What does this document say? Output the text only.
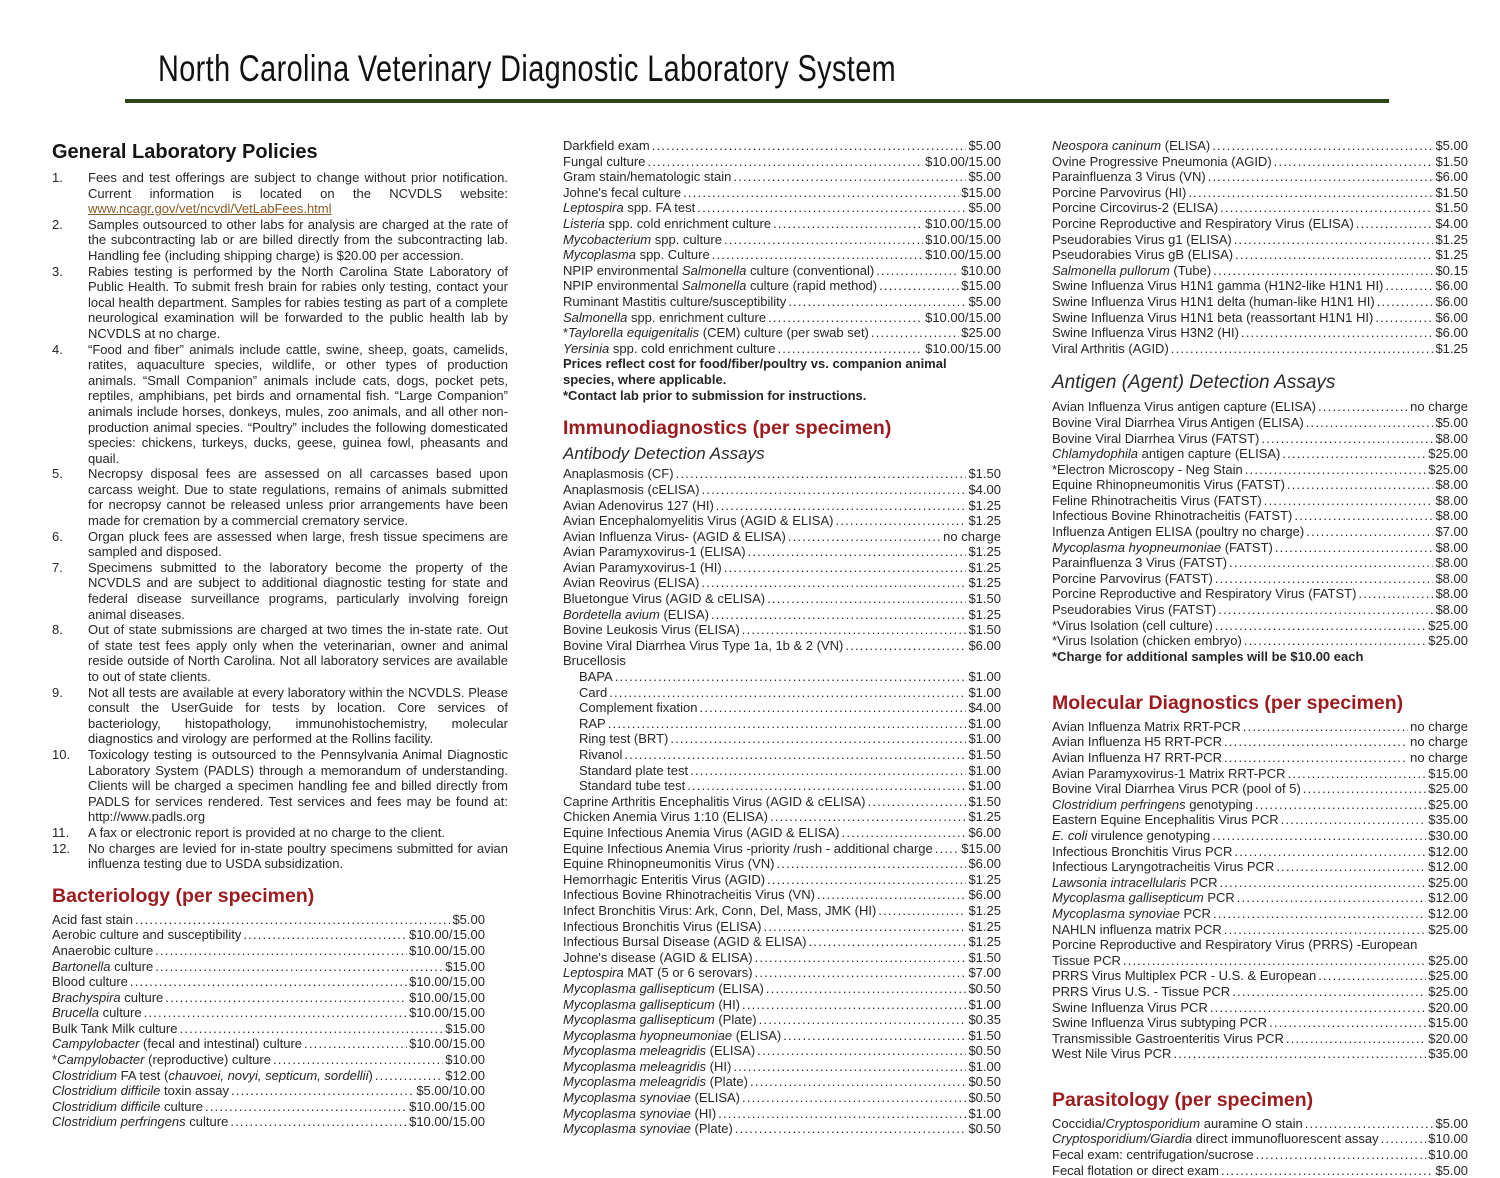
North Carolina Veterinary Diagnostic Laboratory System
General Laboratory Policies
1.	Fees and test offerings are subject to change without prior notification. Current information is located on the NCVDLS website: www.ncagr.gov/vet/ncvdl/VetLabFees.html
2.	Samples outsourced to other labs for analysis are charged at the rate of the subcontracting lab or are billed directly from the subcontracting lab. Handling fee (including shipping charge) is $20.00 per accession.
3.	Rabies testing is performed by the North Carolina State Laboratory of Public Health. To submit fresh brain for rabies only testing, contact your local health department. Samples for rabies testing as part of a complete neurological examination will be forwarded to the public health lab by NCVDLS at no charge.
4.	“Food and fiber” animals include cattle, swine, sheep, goats, camelids, ratites, aquaculture species, wildlife, or other types of production animals. “Small Companion” animals include cats, dogs, pocket pets, reptiles, amphibians, pet birds and ornamental fish. “Large Companion” animals include horses, donkeys, mules, zoo animals, and all other non-production animal species. “Poultry” includes the following domesticated species: chickens, turkeys, ducks, geese, guinea fowl, pheasants and quail.
5.	Necropsy disposal fees are assessed on all carcasses based upon carcass weight. Due to state regulations, remains of animals submitted for necropsy cannot be released unless prior arrangements have been made for cremation by a commercial crematory service.
6.	Organ pluck fees are assessed when large, fresh tissue specimens are sampled and disposed.
7.	Specimens submitted to the laboratory become the property of the NCVDLS and are subject to additional diagnostic testing for state and federal disease surveillance programs, particularly involving foreign animal diseases.
8.	Out of state submissions are charged at two times the in-state rate. Out of state test fees apply only when the veterinarian, owner and animal reside outside of North Carolina. Not all laboratory services are available to out of state clients.
9.	Not all tests are available at every laboratory within the NCVDLS. Please consult the UserGuide for tests by location. Core services of bacteriology, histopathology, immunohistochemistry, molecular diagnostics and virology are performed at the Rollins facility.
10.	Toxicology testing is outsourced to the Pennsylvania Animal Diagnostic Laboratory System (PADLS) through a memorandum of understanding. Clients will be charged a specimen handling fee and billed directly from PADLS for services rendered. Test services and fees may be found at: http://www.padls.org
11.	A fax or electronic report is provided at no charge to the client.
12.	No charges are levied for in-state poultry specimens submitted for avian influenza testing due to USDA subsidization.
Bacteriology (per specimen)
Acid fast stain .....	$5.00
Aerobic culture and susceptibility .....	$10.00/15.00
Anaerobic culture .....	$10.00/15.00
Bartonella culture .....	$15.00
Blood culture .....	$10.00/15.00
Brachyspira culture .....	$10.00/15.00
Brucella culture .....	$10.00/15.00
Bulk Tank Milk culture .....	$15.00
Campylobacter (fecal and intestinal) culture .....	$10.00/15.00
*Campylobacter (reproductive) culture .....	$10.00
Clostridium FA test (chauvoei, novyi, septicum, sordellii) .....	$12.00
Clostridium difficile toxin assay .....	$5.00/10.00
Clostridium difficile culture .....	$10.00/15.00
Clostridium perfringens culture .....	$10.00/15.00
Darkfield exam .....	$5.00
Fungal culture .....	$10.00/15.00
Gram stain/hematologic stain .....	$5.00
Johne's fecal culture .....	$15.00
Leptospira spp. FA test .....	$5.00
Listeria spp. cold enrichment culture .....	$10.00/15.00
Mycobacterium spp. culture .....	$10.00/15.00
Mycoplasma spp. Culture .....	$10.00/15.00
NPIP environmental Salmonella culture (conventional) .....	$10.00
NPIP environmental Salmonella culture (rapid method) .....	$15.00
Ruminant Mastitis culture/susceptibility .....	$5.00
Salmonella spp. enrichment culture .....	$10.00/15.00
*Taylorella equigenitalis (CEM) culture (per swab set) .....	$25.00
Yersinia spp. cold enrichment culture .....	$10.00/15.00
Prices reflect cost for food/fiber/poultry vs. companion animal species, where applicable.
*Contact lab prior to submission for instructions.
Immunodiagnostics (per specimen)
Antibody Detection Assays
Anaplasmosis (CF) .....	$1.50
Anaplasmosis (cELISA) .....	$4.00
Avian Adenovirus 127 (HI) .....	$1.25
Avian Encephalomyelitis Virus (AGID & ELISA) .....	$1.25
Avian Influenza Virus- (AGID & ELISA) .....	no charge
Avian Paramyxovirus-1 (ELISA) .....	$1.25
Avian Paramyxovirus-1 (HI) .....	$1.25
Avian Reovirus (ELISA) .....	$1.25
Bluetongue Virus (AGID & cELISA) .....	$1.50
Bordetella avium (ELISA) .....	$1.25
Bovine Leukosis Virus (ELISA) .....	$1.50
Bovine Viral Diarrhea Virus Type 1a, 1b & 2 (VN) .....	$6.00
Brucellosis
BAPA .....	$1.00
Card .....	$1.00
Complement fixation .....	$4.00
RAP .....	$1.00
Ring test (BRT) .....	$1.00
Rivanol .....	$1.50
Standard plate test .....	$1.00
Standard tube test .....	$1.00
Caprine Arthritis Encephalitis Virus (AGID & cELISA) .....	$1.50
Chicken Anemia Virus 1:10 (ELISA) .....	$1.25
Equine Infectious Anemia Virus (AGID & ELISA) .....	$6.00
Equine Infectious Anemia Virus -priority /rush - additional charge ..... $15.00
Equine Rhinopneumonitis Virus (VN) .....	$6.00
Hemorrhagic Enteritis Virus (AGID) .....	$1.25
Infectious Bovine Rhinotracheitis Virus (VN) .....	$6.00
Infect Bronchitis Virus: Ark, Conn, Del, Mass, JMK (HI) .....	$1.25
Infectious Bronchitis Virus (ELISA) .....	$1.25
Infectious Bursal Disease (AGID & ELISA) .....	$1.25
Johne's disease (AGID & ELISA) .....	$1.50
Leptospira MAT (5 or 6 serovars) .....	$7.00
Mycoplasma gallisepticum (ELISA) .....	$0.50
Mycoplasma gallisepticum (HI) .....	$1.00
Mycoplasma gallisepticum (Plate) .....	$0.35
Mycoplasma hyopneumoniae (ELISA) .....	$1.50
Mycoplasma meleagridis (ELISA) .....	$0.50
Mycoplasma meleagridis (HI) .....	$1.00
Mycoplasma meleagridis (Plate) .....	$0.50
Mycoplasma synoviae (ELISA) .....	$0.50
Mycoplasma synoviae (HI) .....	$1.00
Mycoplasma synoviae (Plate) .....	$0.50
Neospora caninum (ELISA) .....	$5.00
Ovine Progressive Pneumonia (AGID) .....	$1.50
Parainfluenza 3 Virus (VN) .....	$6.00
Porcine Parvovirus (HI) .....	$1.50
Porcine Circovirus-2 (ELISA) .....	$1.50
Porcine Reproductive and Respiratory Virus (ELISA) .....	$4.00
Pseudorabies Virus g1 (ELISA) .....	$1.25
Pseudorabies Virus gB (ELISA) .....	$1.25
Salmonella pullorum (Tube) .....	$0.15
Swine Influenza Virus H1N1 gamma (H1N2-like H1N1 HI) .....	$6.00
Swine Influenza Virus H1N1 delta (human-like H1N1 HI) .....	$6.00
Swine Influenza Virus H1N1 beta (reassortant H1N1 HI) .....	$6.00
Swine Influenza Virus H3N2 (HI) .....	$6.00
Viral Arthritis (AGID) .....	$1.25
Antigen (Agent) Detection Assays
Avian Influenza Virus antigen capture (ELISA) .....	no charge
Bovine Viral Diarrhea Virus Antigen (ELISA) .....	$5.00
Bovine Viral Diarrhea Virus (FATST) .....	$8.00
Chlamydophila antigen capture (ELISA) .....	$25.00
*Electron Microscopy - Neg Stain .....	$25.00
Equine Rhinopneumonitis Virus (FATST) .....	$8.00
Feline Rhinotracheitis Virus (FATST) .....	$8.00
Infectious Bovine Rhinotracheitis (FATST) .....	$8.00
Influenza Antigen ELISA (poultry no charge) .....	$7.00
Mycoplasma hyopneumoniae (FATST) .....	$8.00
Parainfluenza 3 Virus (FATST) .....	$8.00
Porcine Parvovirus (FATST) .....	$8.00
Porcine Reproductive and Respiratory Virus (FATST) .....	$8.00
Pseudorabies Virus (FATST) .....	$8.00
*Virus Isolation (cell culture) .....	$25.00
*Virus Isolation (chicken embryo) .....	$25.00
*Charge for additional samples will be $10.00 each
Molecular Diagnostics (per specimen)
Avian Influenza Matrix RRT-PCR .....	no charge
Avian Influenza H5 RRT-PCR .....	no charge
Avian Influenza H7 RRT-PCR .....	no charge
Avian Paramyxovirus-1 Matrix RRT-PCR .....	$15.00
Bovine Viral Diarrhea Virus PCR (pool of 5) .....	$25.00
Clostridium perfringens genotyping .....	$25.00
Eastern Equine Encephalitis Virus PCR .....	$35.00
E. coli virulence genotyping .....	$30.00
Infectious Bronchitis Virus PCR .....	$12.00
Infectious Laryngotracheitis Virus PCR .....	$12.00
Lawsonia intracellularis PCR .....	$25.00
Mycoplasma gallisepticum PCR .....	$12.00
Mycoplasma synoviae PCR .....	$12.00
NAHLN influenza matrix PCR .....	$25.00
Porcine Reproductive and Respiratory Virus (PRRS) -European
Tissue PCR .....	$25.00
PRRS Virus Multiplex PCR - U.S. & European .....	$25.00
PRRS Virus U.S. - Tissue PCR .....	$25.00
Swine Influenza Virus PCR .....	$20.00
Swine Influenza Virus subtyping PCR .....	$15.00
Transmissible Gastroenteritis Virus PCR .....	$20.00
West Nile Virus PCR .....	$35.00
Parasitology (per specimen)
Coccidia/Cryptosporidium auramine O stain .....	$5.00
Cryptosporidium/Giardia direct immunofluorescent assay .....	$10.00
Fecal exam: centrifugation/sucrose .....	$10.00
Fecal flotation or direct exam .....	$5.00
